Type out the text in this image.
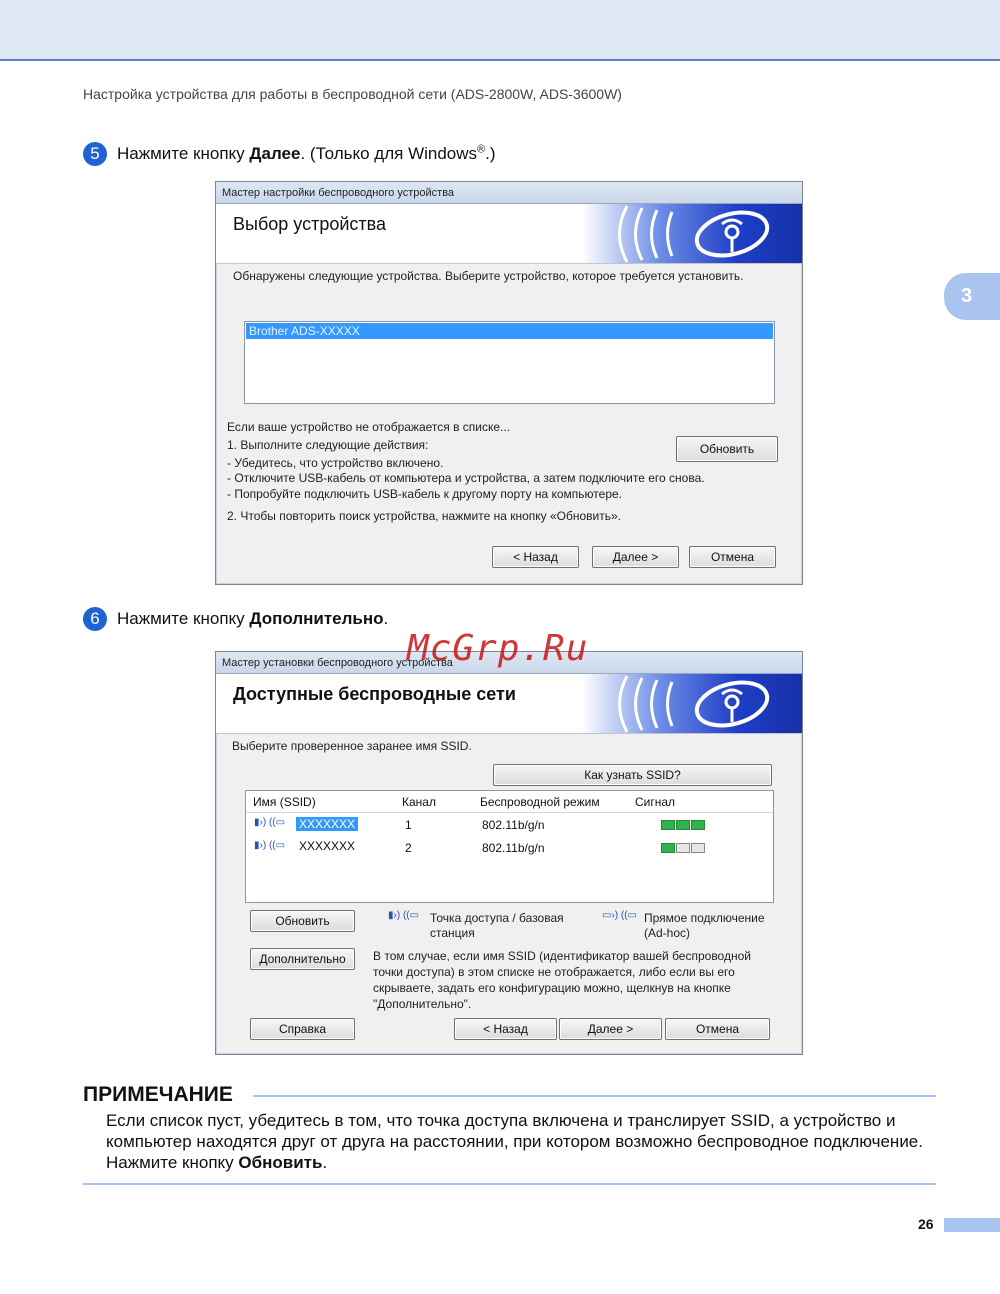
Настройка устройства для работы в беспроводной сети (ADS-2800W, ADS-3600W)
3
5 Нажмите кнопку Далее. (Только для Windows®.)
Мастер настройки беспроводного устройства
Выбор устройства
Обнаружены следующие устройства. Выберите устройство, которое требуется установить.
Brother ADS-XXXXX
Если ваше устройство не отображается в списке...
1. Выполните следующие действия:
- Убедитесь, что устройство включено.
- Отключите USB-кабель от компьютера и устройства, а затем подключите его снова.
- Попробуйте подключить USB-кабель к другому порту на компьютере.
2. Чтобы повторить поиск устройства, нажмите на кнопку «Обновить».
Обновить
< Назад	Далее >	Отмена
6 Нажмите кнопку Дополнительно.
Мастер установки беспроводного устройства
Доступные беспроводные сети
Выберите проверенное заранее имя SSID.
Как узнать SSID?
Имя (SSID)	Канал	Беспроводной режим	Сигнал
▮›) ((▭ XXXXXXX	1	802.11b/g/n
▮›) ((▭ XXXXXXX	2	802.11b/g/n
Обновить	▮›) ((▭ Точка доступа / базовая станция
▭›) ((▭ Прямое подключение (Ad-hoc)
Дополнительно	В том случае, если имя SSID (идентификатор вашей беспроводной точки доступа) в этом списке не отображается, либо если вы его скрываете, задать его конфигурацию можно, щелкнув на кнопке "Дополнительно".
Справка	< Назад	Далее >	Отмена
McGrp.Ru
ПРИМЕЧАНИЕ
Если список пуст, убедитесь в том, что точка доступа включена и транслирует SSID, а устройство и компьютер находятся друг от друга на расстоянии, при котором возможно беспроводное подключение. Нажмите кнопку Обновить.
26
